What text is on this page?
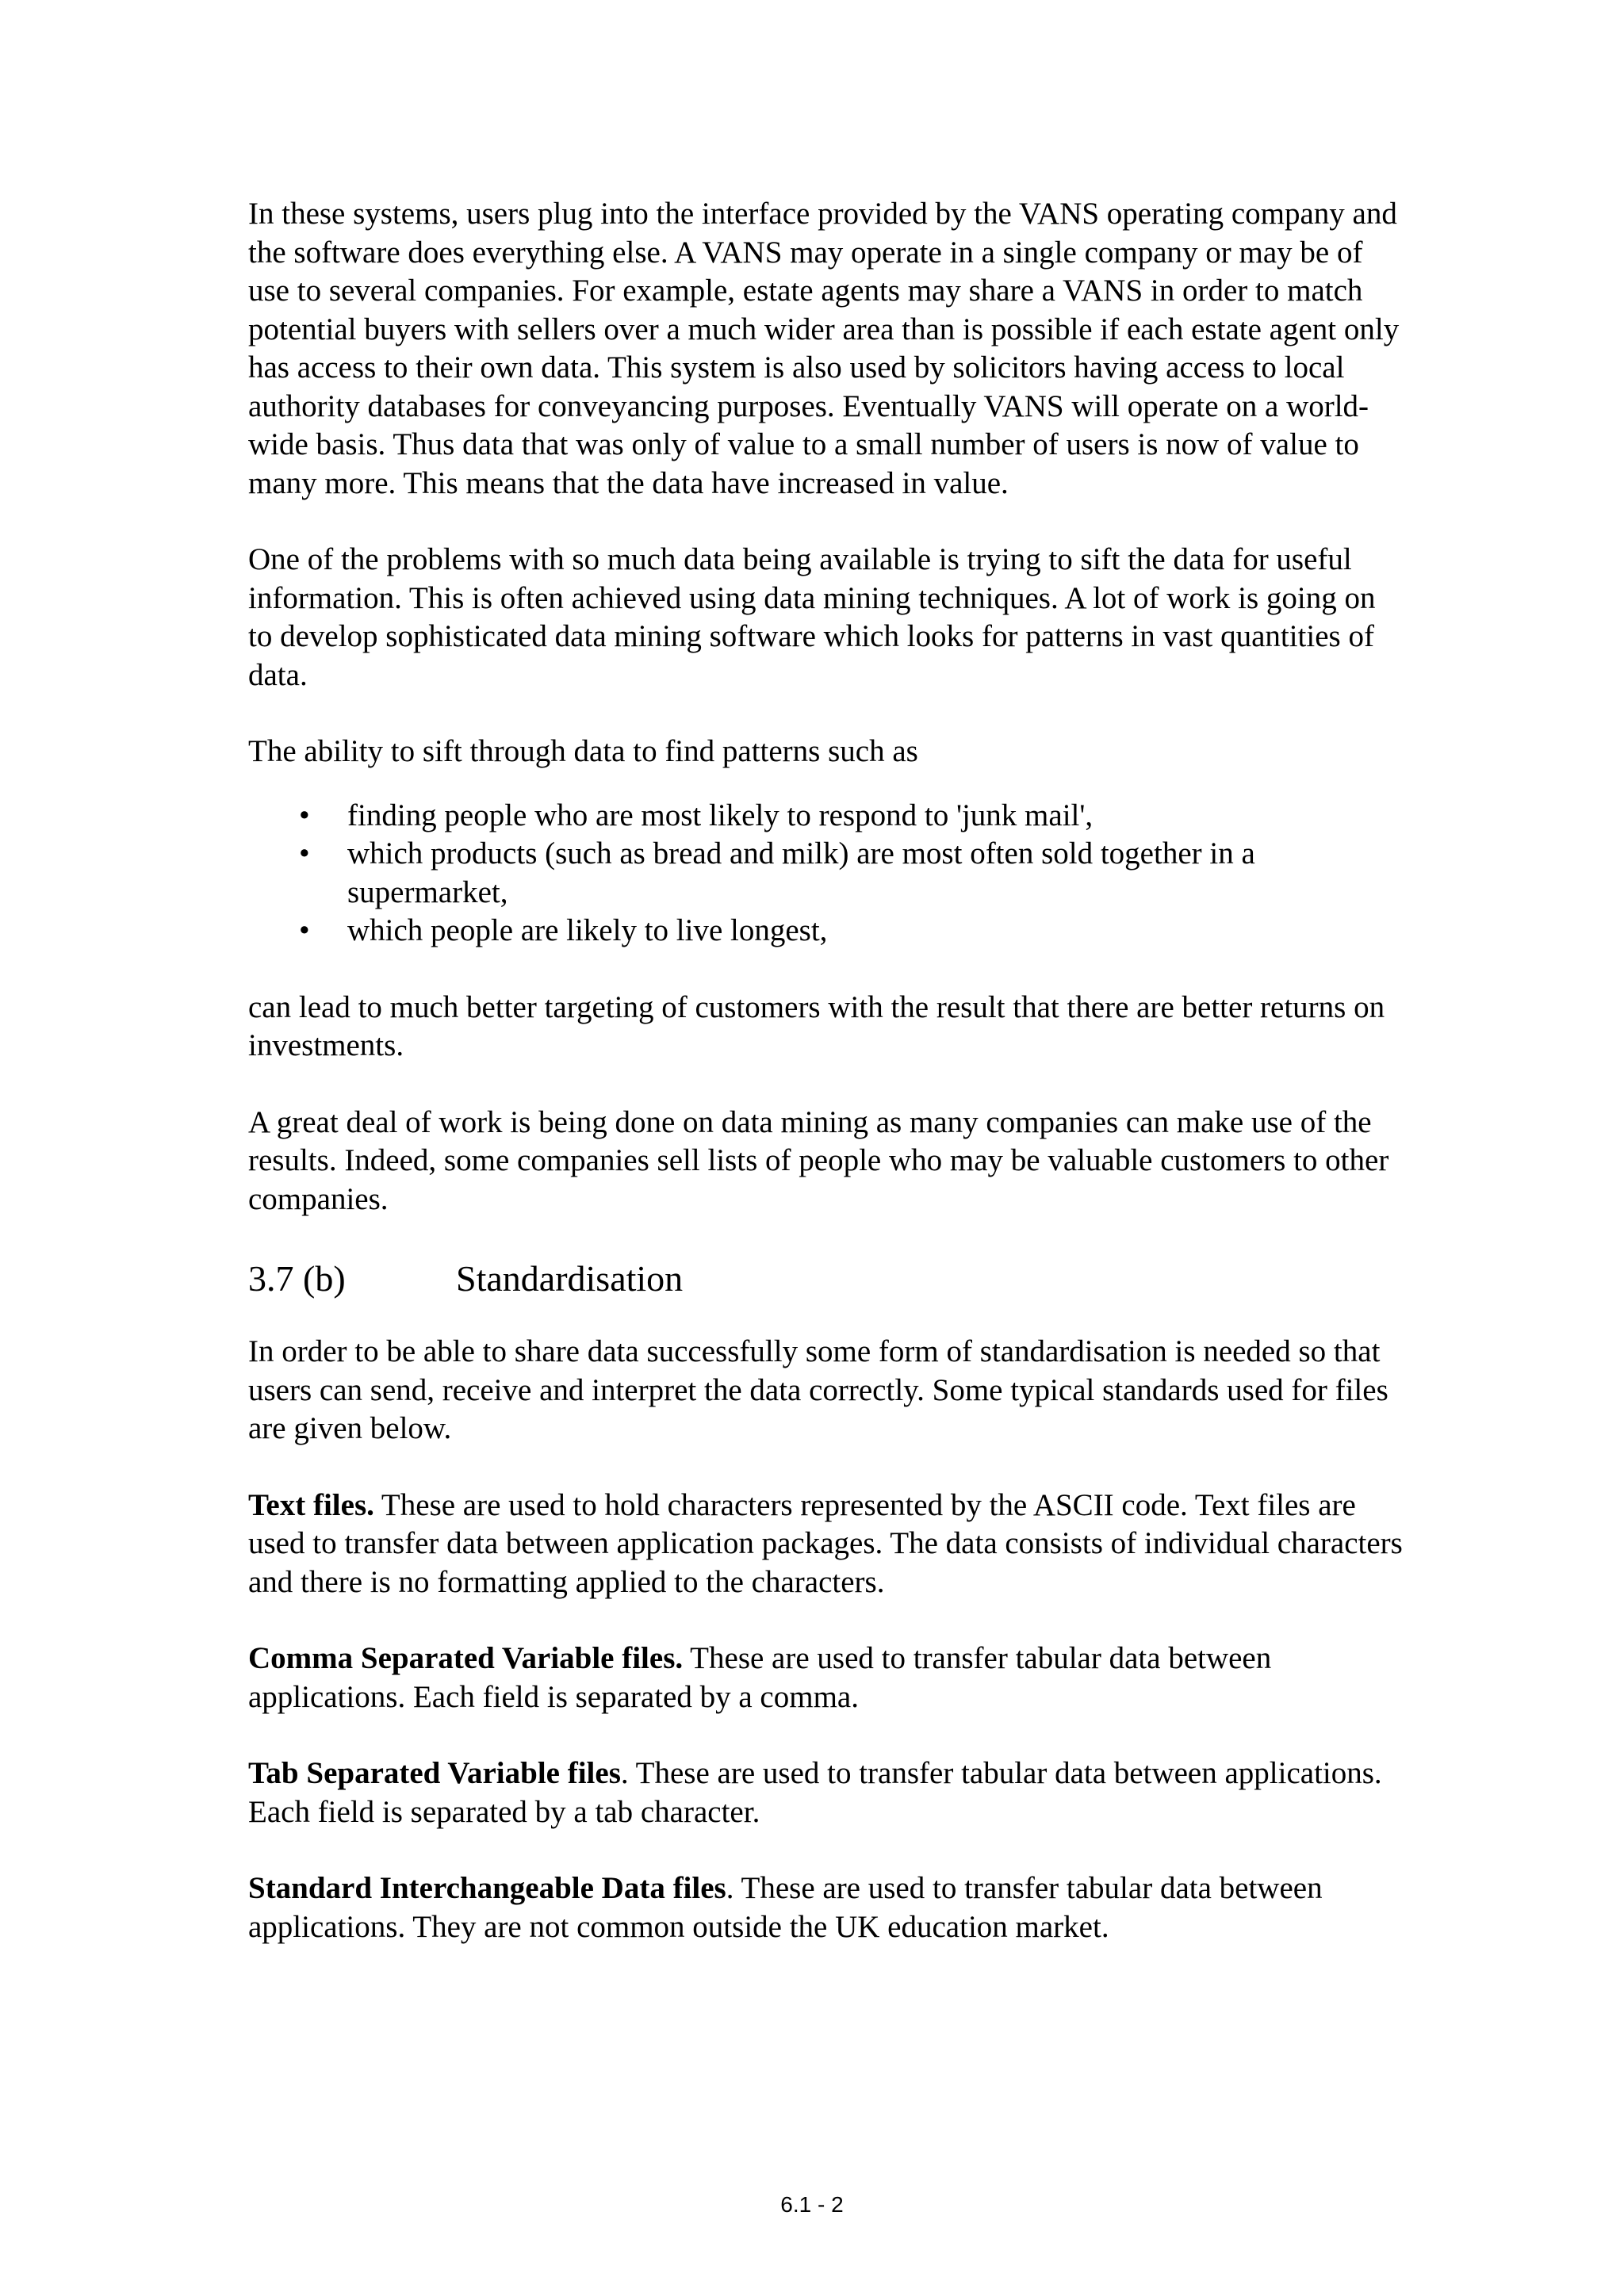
In these systems, users plug into the interface provided by the VANS operating company and the software does everything else. A VANS may operate in a single company or may be of use to several companies. For example, estate agents may share a VANS in order to match potential buyers with sellers over a much wider area than is possible if each estate agent only has access to their own data. This system is also used by solicitors having access to local authority databases for conveyancing purposes. Eventually VANS will operate on a world-wide basis. Thus data that was only of value to a small number of users is now of value to many more. This means that the data have increased in value.

One of the problems with so much data being available is trying to sift the data for useful information. This is often achieved using data mining techniques. A lot of work is going on to develop sophisticated data mining software which looks for patterns in vast quantities of data.

The ability to sift through data to find patterns such as

• finding people who are most likely to respond to 'junk mail',
• which products (such as bread and milk) are most often sold together in a supermarket,
• which people are likely to live longest,

can lead to much better targeting of customers with the result that there are better returns on investments.

A great deal of work is being done on data mining as many companies can make use of the results. Indeed, some companies sell lists of people who may be valuable customers to other companies.

3.7 (b)	Standardisation

In order to be able to share data successfully some form of standardisation is needed so that users can send, receive and interpret the data correctly. Some typical standards used for files are given below.

Text files. These are used to hold characters represented by the ASCII code. Text files are used to transfer data between application packages. The data consists of individual characters and there is no formatting applied to the characters.

Comma Separated Variable files. These are used to transfer tabular data between applications. Each field is separated by a comma.

Tab Separated Variable files. These are used to transfer tabular data between applications. Each field is separated by a tab character.

Standard Interchangeable Data files. These are used to transfer tabular data between applications. They are not common outside the UK education market.

6.1 - 2
